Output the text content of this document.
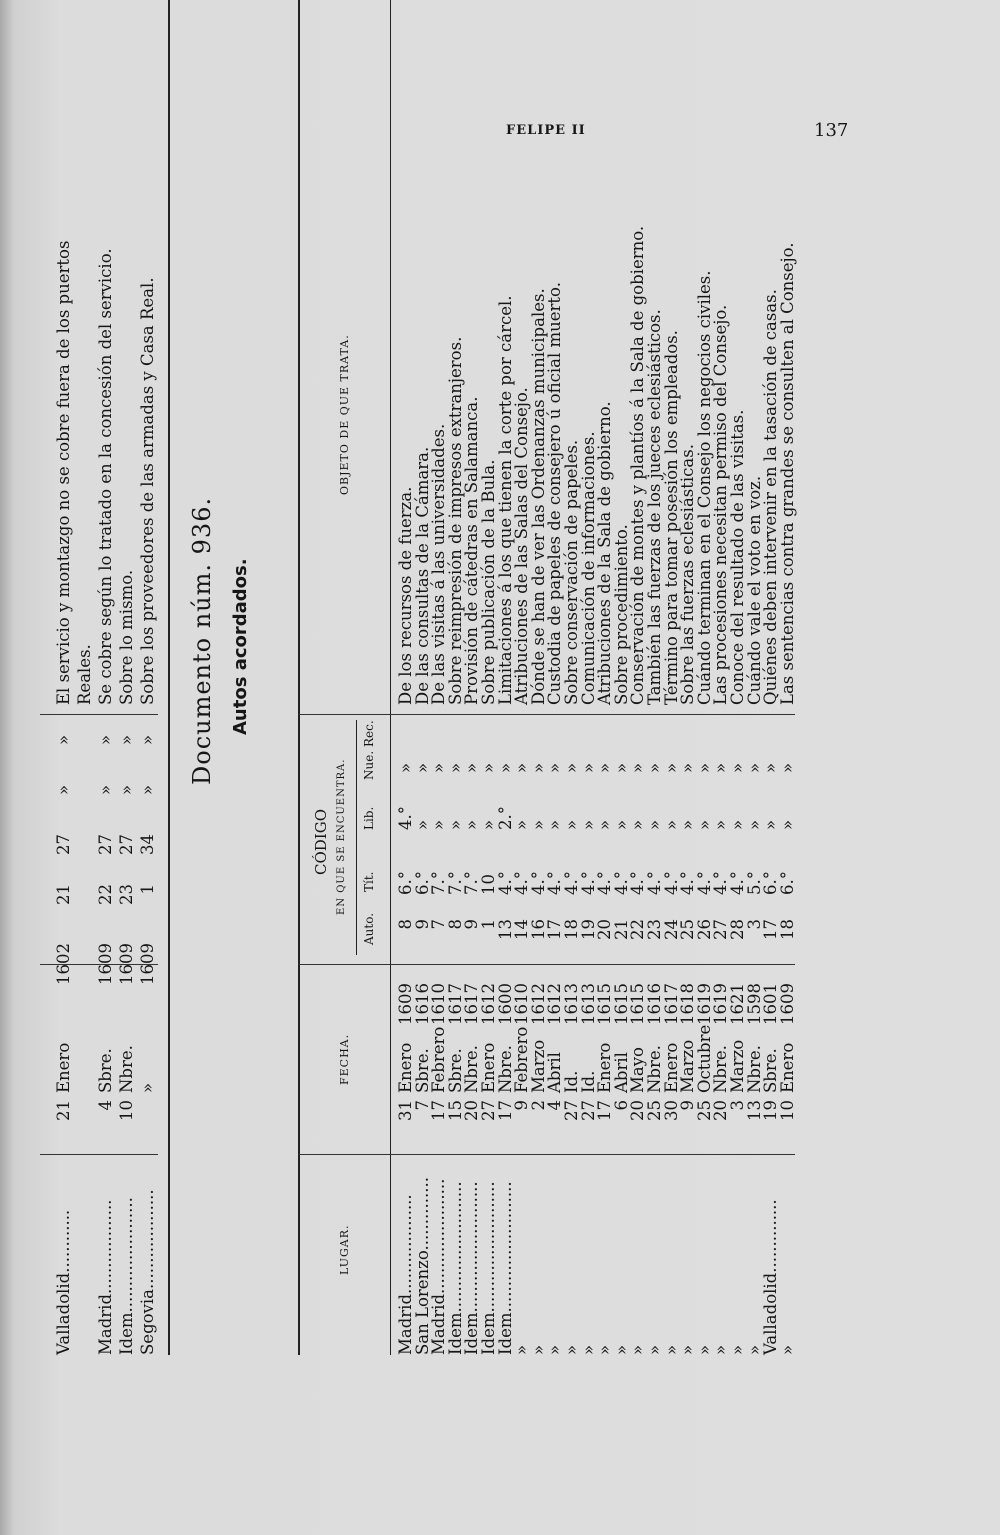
FELIPE II	137
Valladolid............
21
Enero
1602
21
27
»
»
El servicio y montazgo no se cobre fuera de los puertos Reales.
Madrid..................
4
Sbre.
1609
22
27
»
»
Se cobre según lo tratado en la concesión del servicio.
Idem......................
10
Nbre.
1609
23
27
»
»
Sobre lo mismo.
Segovia...................
»
1609
1
34
»
»
Sobre los proveedores de las armadas y Casa Real. Documento núm. 936. Autos acordados.
LUGAR.
FECHA.
CÓDIGO EN QUE SE ENCUENTRA.
Auto.
Tít.
Lib.
Nue. Rec.
OBJETO DE QUE TRATA.
Madrid...................
31
Enero
1609
8
6.°
4.°
»
De los recursos de fuerza.
San Lorenzo..............
7
Sbre.
1616
9
6.°
»
»
De las consultas de la Cámara.
Madrid......................
17
Febrero
1610
7
7.°
»
»
De las visitas á las universidades.
Idem.........................
15
Sbre.
1617
8
7.°
»
»
Sobre reimpresión de impresos extranjeros.
Idem.........................
20
Nbre.
1617
9
7.°
»
»
Provisión de cátedras en Salamanca.
Idem.........................
27
Enero
1612
1
10
»
»
Sobre publicación de la Bula.
Idem.........................
17
Nbre.
1600
13
4.°
2.°
»
Limitaciones á los que tienen la corte por cárcel.
»
9
Febrero
1610
14
4.°
»
»
Atribuciones de las Salas del Consejo.
»
2
Marzo
1612
16
4.°
»
»
Dónde se han de ver las Ordenanzas municipales.
»
4
Abril
1612
17
4.°
»
»
Custodia de papeles de consejero ú oficial muerto.
»
27
Id.
1613
18
4.°
»
»
Sobre conservación de papeles.
»
27
Id.
1613
19
4.°
»
»
Comunicación de informaciones.
»
17
Enero
1615
20
4.°
»
»
Atribuciones de la Sala de gobierno.
»
6
Abril
1615
21
4.°
»
»
Sobre procedimiento.
»
20
Mayo
1615
22
4.°
»
»
Conservación de montes y plantíos á la Sala de gobierno.
»
25
Nbre.
1616
23
4.°
»
»
También las fuerzas de los jueces eclesiásticos.
»
30
Enero
1617
24
4.°
»
»
Término para tomar posesión los empleados.
»
9
Marzo
1618
25
4.°
»
»
Sobre las fuerzas eclesiásticas.
»
25
Octubre
1619
26
4.°
»
»
Cuándo terminan en el Consejo los negocios civiles.
»
20
Nbre.
1619
27
4.°
»
»
Las procesiones necesitan permiso del Consejo.
»
3
Marzo
1621
28
4.°
»
»
Conoce del resultado de las visitas.
»
13
Nbre.
1598
3
5.°
»
»
Cuándo vale el voto en voz.
Valladolid..............
19
Sbre.
1601
17
6.°
»
»
Quiénes deben intervenir en la tasación de casas.
»
10
Enero
1609
18
6.°
»
»
Las sentencias contra grandes se consulten al Consejo.
